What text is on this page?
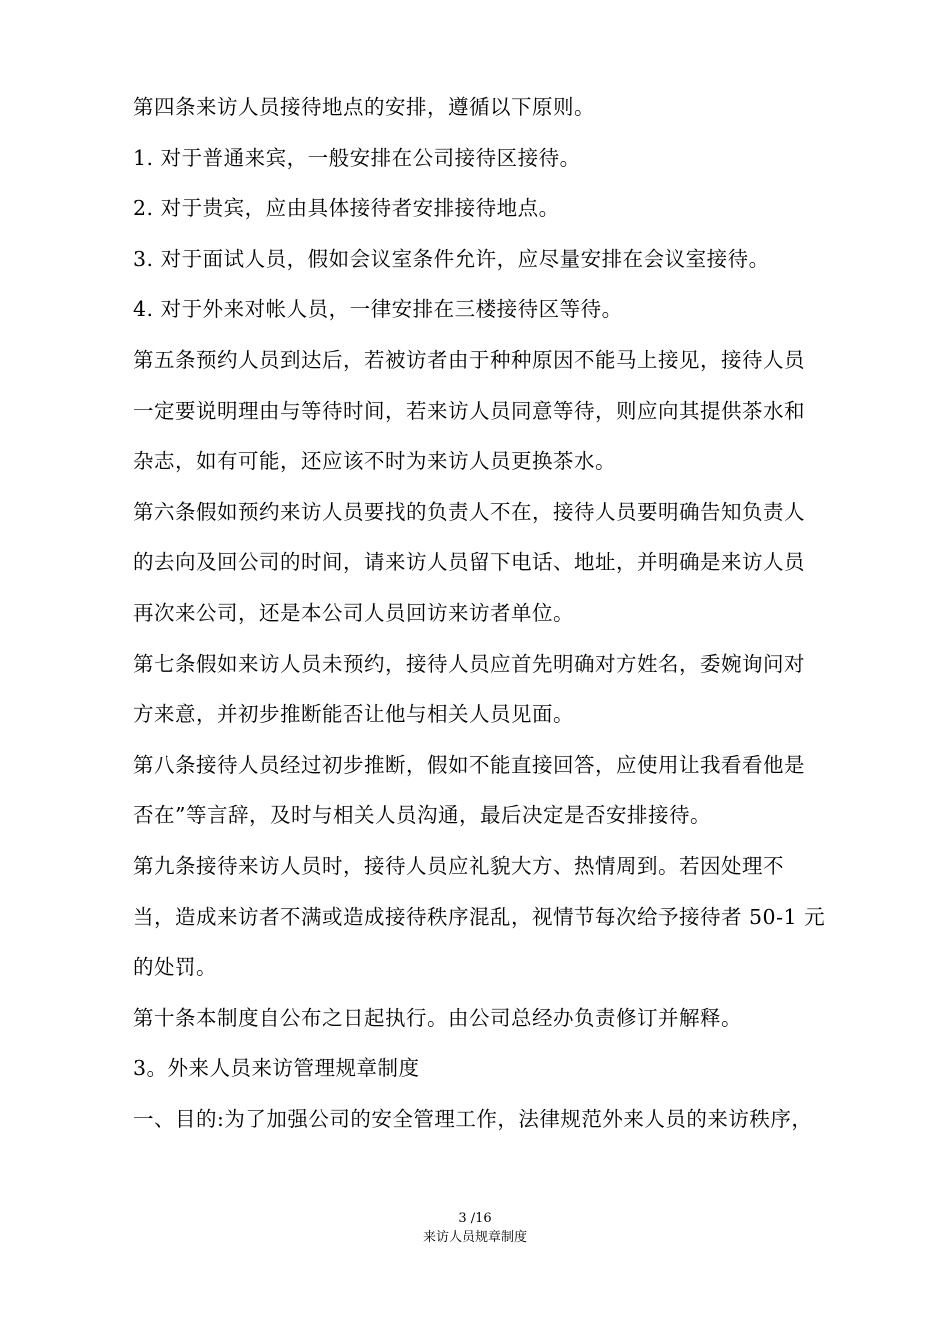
第四条来访人员接待地点的安排，遵循以下原则。
1. 对于普通来宾，一般安排在公司接待区接待。
2. 对于贵宾，应由具体接待者安排接待地点。
3. 对于面试人员，假如会议室条件允许，应尽量安排在会议室接待。
4. 对于外来对帐人员，一律安排在三楼接待区等待。
第五条预约人员到达后，若被访者由于种种原因不能马上接见，接待人员
一定要说明理由与等待时间，若来访人员同意等待，则应向其提供茶水和
杂志，如有可能，还应该不时为来访人员更换茶水。
第六条假如预约来访人员要找的负责人不在，接待人员要明确告知负责人
的去向及回公司的时间，请来访人员留下电话、地址，并明确是来访人员
再次来公司，还是本公司人员回访来访者单位。
第七条假如来访人员未预约，接待人员应首先明确对方姓名，委婉询问对
方来意，并初步推断能否让他与相关人员见面。
第八条接待人员经过初步推断，假如不能直接回答，应使用让我看看他是
否在”等言辞，及时与相关人员沟通，最后决定是否安排接待。
第九条接待来访人员时，接待人员应礼貌大方、热情周到。若因处理不
当，造成来访者不满或造成接待秩序混乱，视情节每次给予接待者 50-1 元
的处罚。
第十条本制度自公布之日起执行。由公司总经办负责修订并解释。
3。外来人员来访管理规章制度
一、目的:为了加强公司的安全管理工作，法律规范外来人员的来访秩序，
3 /16
来访人员规章制度
